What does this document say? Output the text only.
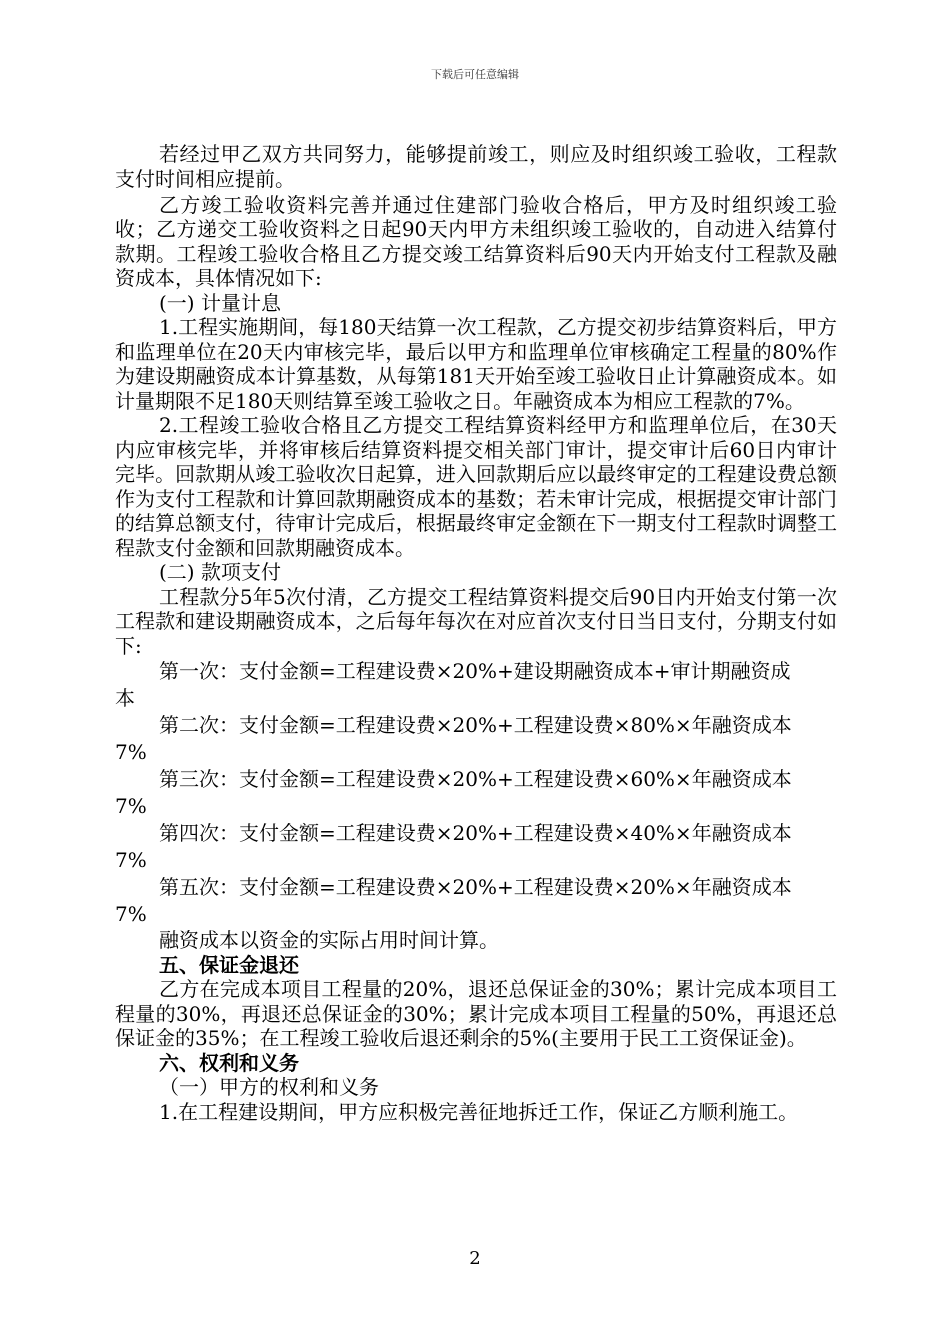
下载后可任意编辑

若经过甲乙双方共同努力，能够提前竣工，则应及时组织竣工验收，工程款支付时间相应提前。

乙方竣工验收资料完善并通过住建部门验收合格后，甲方及时组织竣工验收；乙方递交工验收资料之日起90天内甲方未组织竣工验收的，自动进入结算付款期。工程竣工验收合格且乙方提交竣工结算资料后90天内开始支付工程款及融资成本，具体情况如下:

(一) 计量计息

1.工程实施期间，每180天结算一次工程款，乙方提交初步结算资料后，甲方和监理单位在20天内审核完毕，最后以甲方和监理单位审核确定工程量的80%作为建设期融资成本计算基数，从每第181天开始至竣工验收日止计算融资成本。如计量期限不足180天则结算至竣工验收之日。年融资成本为相应工程款的7%。

2.工程竣工验收合格且乙方提交工程结算资料经甲方和监理单位后，在30天内应审核完毕，并将审核后结算资料提交相关部门审计，提交审计后60日内审计完毕。回款期从竣工验收次日起算，进入回款期后应以最终审定的工程建设费总额作为支付工程款和计算回款期融资成本的基数；若未审计完成，根据提交审计部门的结算总额支付，待审计完成后，根据最终审定金额在下一期支付工程款时调整工程款支付金额和回款期融资成本。

(二) 款项支付

工程款分5年5次付清，乙方提交工程结算资料提交后90日内开始支付第一次工程款和建设期融资成本，之后每年每次在对应首次支付日当日支付，分期支付如下:

第一次：支付金额=工程建设费×20%+建设期融资成本+审计期融资成

本

第二次：支付金额=工程建设费×20%+工程建设费×80%×年融资成本

7%

第三次：支付金额=工程建设费×20%+工程建设费×60%×年融资成本

7%

第四次：支付金额=工程建设费×20%+工程建设费×40%×年融资成本

7%

第五次：支付金额=工程建设费×20%+工程建设费×20%×年融资成本

7%

融资成本以资金的实际占用时间计算。

五、保证金退还

乙方在完成本项目工程量的20%，退还总保证金的30%；累计完成本项目工程量的30%，再退还总保证金的30%；累计完成本项目工程量的50%，再退还总保证金的35%；在工程竣工验收后退还剩余的5%(主要用于民工工资保证金)。

六、权利和义务

（一）甲方的权利和义务

1.在工程建设期间，甲方应积极完善征地拆迁工作，保证乙方顺利施工。

2
